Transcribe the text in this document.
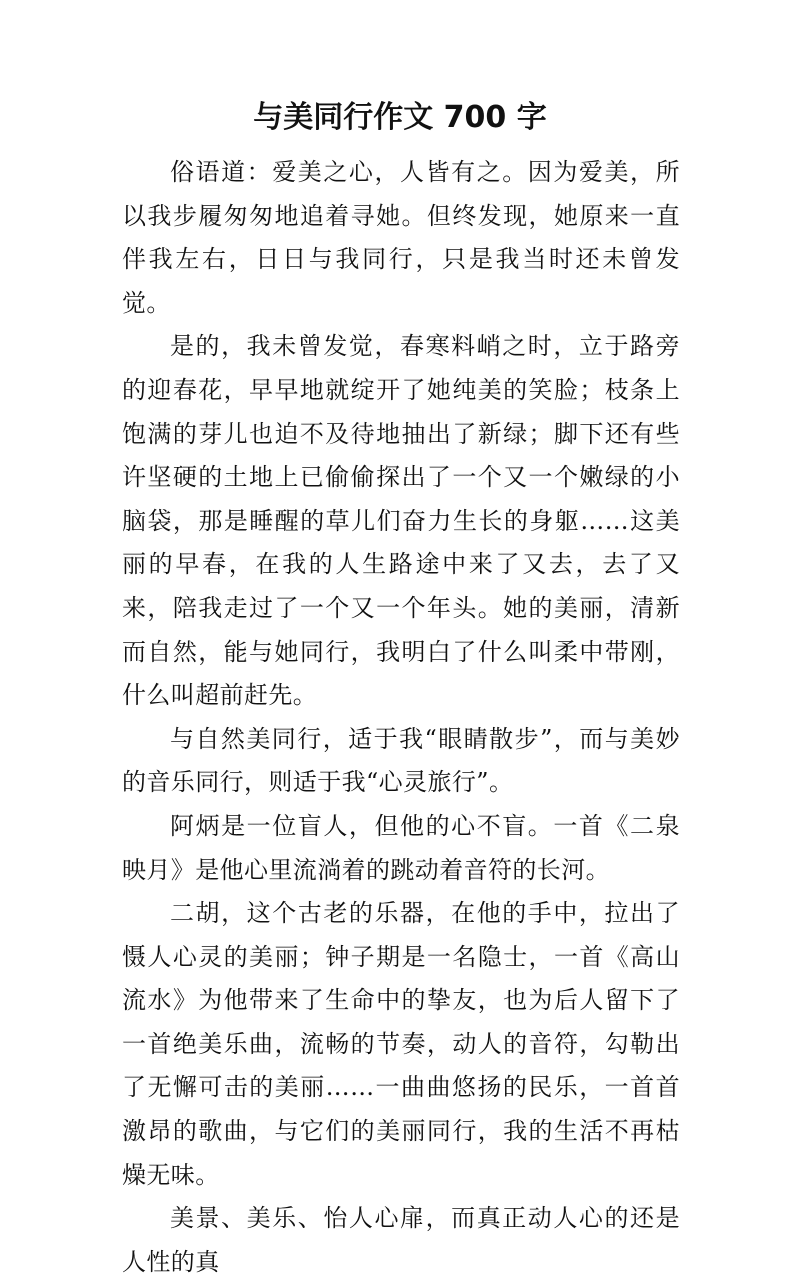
与美同行作文 700 字

俗语道：爱美之心，人皆有之。因为爱美，所以我步履匆匆地追着寻她。但终发现，她原来一直伴我左右，日日与我同行，只是我当时还未曾发觉。

是的，我未曾发觉，春寒料峭之时，立于路旁的迎春花，早早地就绽开了她纯美的笑脸；枝条上饱满的芽儿也迫不及待地抽出了新绿；脚下还有些许坚硬的土地上已偷偷探出了一个又一个嫩绿的小脑袋，那是睡醒的草儿们奋力生长的身躯……这美丽的早春，在我的人生路途中来了又去，去了又来，陪我走过了一个又一个年头。她的美丽，清新而自然，能与她同行，我明白了什么叫柔中带刚，什么叫超前赶先。

与自然美同行，适于我“眼睛散步”，而与美妙的音乐同行，则适于我“心灵旅行”。

阿炳是一位盲人，但他的心不盲。一首《二泉映月》是他心里流淌着的跳动着音符的长河。

二胡，这个古老的乐器，在他的手中，拉出了慑人心灵的美丽；钟子期是一名隐士，一首《高山流水》为他带来了生命中的挚友，也为后人留下了一首绝美乐曲，流畅的节奏，动人的音符，勾勒出了无懈可击的美丽……一曲曲悠扬的民乐，一首首激昂的歌曲，与它们的美丽同行，我的生活不再枯燥无味。

美景、美乐、怡人心扉，而真正动人心的还是人性的真
